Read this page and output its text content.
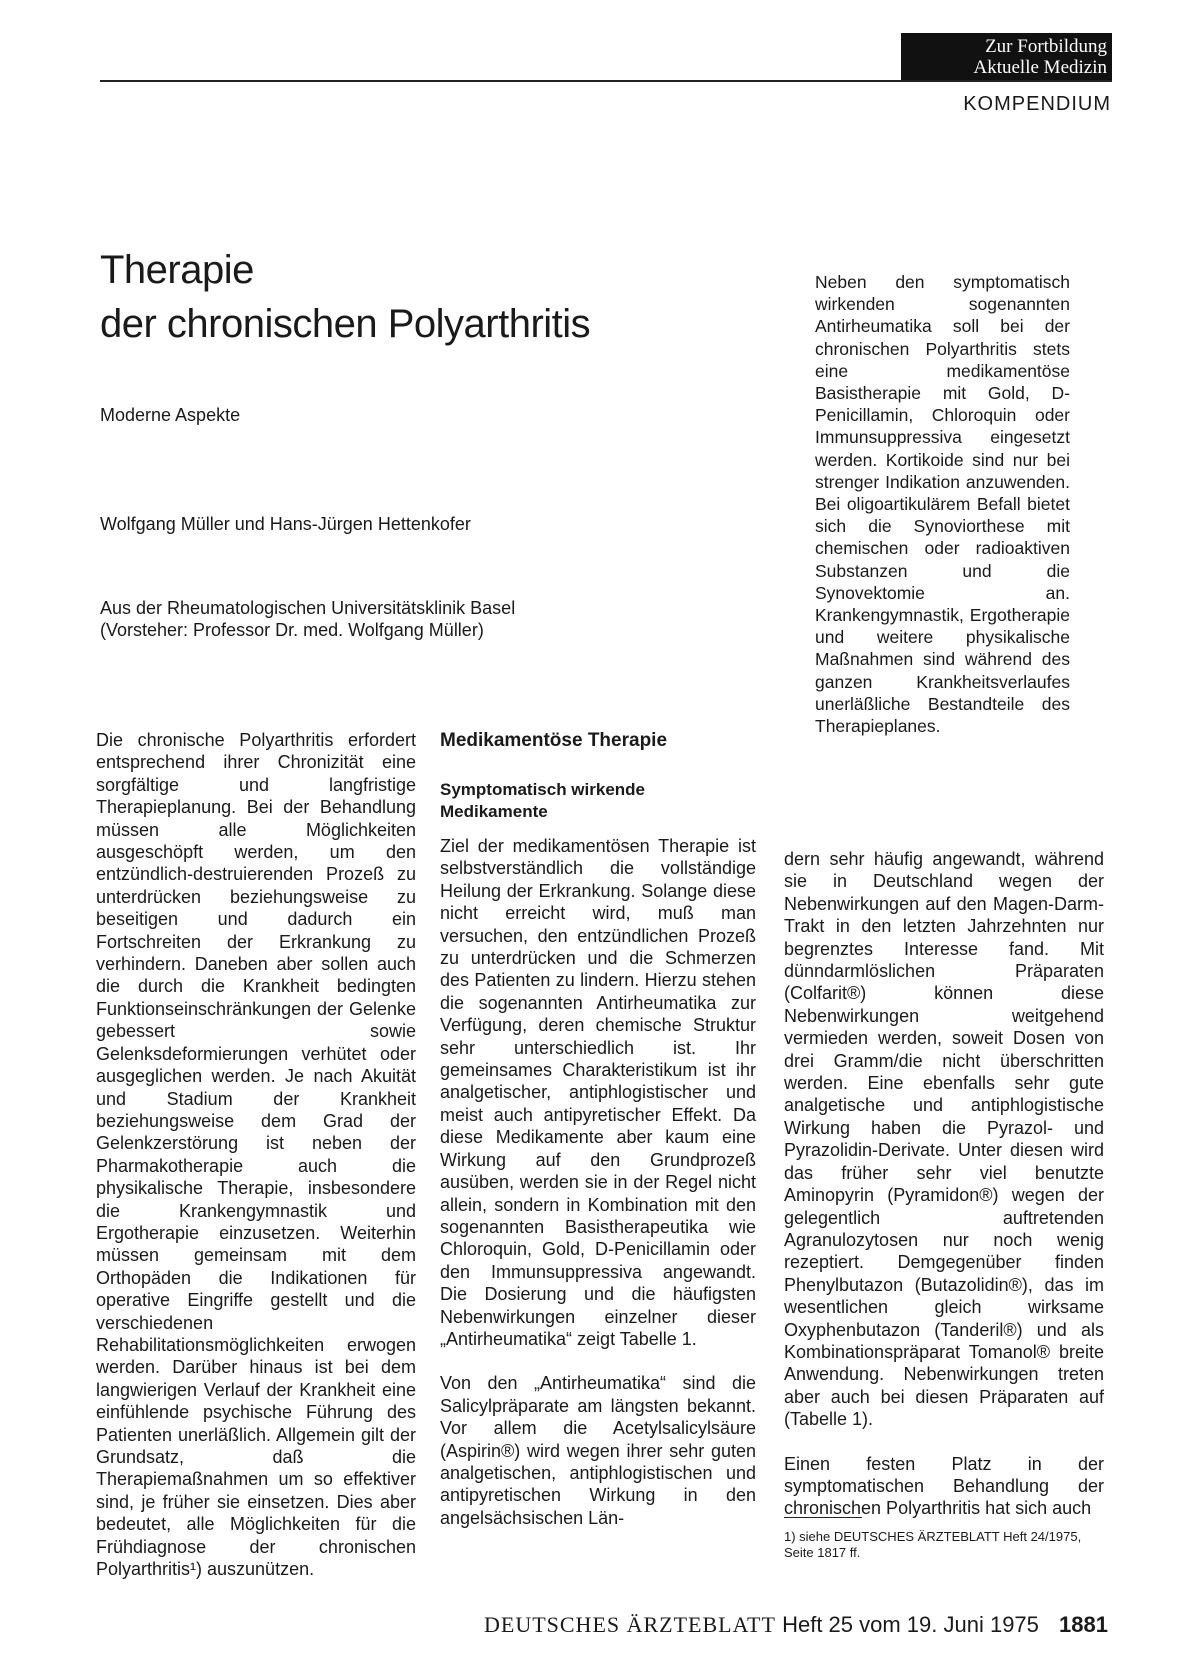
Zur Fortbildung
Aktuelle Medizin
KOMPENDIUM
Therapie
der chronischen Polyarthritis
Moderne Aspekte
Wolfgang Müller und Hans-Jürgen Hettenkofer
Aus der Rheumatologischen Universitätsklinik Basel
(Vorsteher: Professor Dr. med. Wolfgang Müller)

Neben den symptomatisch wirkenden sogenannten Antirheumatika soll bei der chronischen Polyarthritis stets eine medikamentöse Basistherapie mit Gold, D-Penicillamin, Chloroquin oder Immunsuppressiva eingesetzt werden. Kortikoide sind nur bei strenger Indikation anzuwenden. Bei oligoartikulärem Befall bietet sich die Synoviorthese mit chemischen oder radioaktiven Substanzen und die Synovektomie an. Krankengymnastik, Ergotherapie und weitere physikalische Maßnahmen sind während des ganzen Krankheitsverlaufes unerläßliche Bestandteile des Therapieplanes.

Die chronische Polyarthritis erfordert entsprechend ihrer Chronizität eine sorgfältige und langfristige Therapieplanung. Bei der Behandlung müssen alle Möglichkeiten ausgeschöpft werden, um den entzündlich-destruierenden Prozeß zu unterdrücken beziehungsweise zu beseitigen und dadurch ein Fortschreiten der Erkrankung zu verhindern. Daneben aber sollen auch die durch die Krankheit bedingten Funktionseinschränkungen der Gelenke gebessert sowie Gelenksdeformierungen verhütet oder ausgeglichen werden. Je nach Akuität und Stadium der Krankheit beziehungsweise dem Grad der Gelenkzerstörung ist neben der Pharmakotherapie auch die physikalische Therapie, insbesondere die Krankengymnastik und Ergotherapie einzusetzen. Weiterhin müssen gemeinsam mit dem Orthopäden die Indikationen für operative Eingriffe gestellt und die verschiedenen Rehabilitationsmöglichkeiten erwogen werden. Darüber hinaus ist bei dem langwierigen Verlauf der Krankheit eine einfühlende psychische Führung des Patienten unerläßlich. Allgemein gilt der Grundsatz, daß die Therapiemaßnahmen um so effektiver sind, je früher sie einsetzen. Dies aber bedeutet, alle Möglichkeiten für die Frühdiagnose der chronischen Polyarthritis¹) auszunützen.

Medikamentöse Therapie
Symptomatisch wirkende
Medikamente

Ziel der medikamentösen Therapie ist selbstverständlich die vollständige Heilung der Erkrankung. Solange diese nicht erreicht wird, muß man versuchen, den entzündlichen Prozeß zu unterdrücken und die Schmerzen des Patienten zu lindern. Hierzu stehen die sogenannten Antirheumatika zur Verfügung, deren chemische Struktur sehr unterschiedlich ist. Ihr gemeinsames Charakteristikum ist ihr analgetischer, antiphlogistischer und meist auch antipyretischer Effekt. Da diese Medikamente aber kaum eine Wirkung auf den Grundprozeß ausüben, werden sie in der Regel nicht allein, sondern in Kombination mit den sogenannten Basistherapeutika wie Chloroquin, Gold, D-Penicillamin oder den Immunsuppressiva angewandt. Die Dosierung und die häufigsten Nebenwirkungen einzelner dieser „Antirheumatika“ zeigt Tabelle 1.

Von den „Antirheumatika“ sind die Salicylpräparate am längsten bekannt. Vor allem die Acetylsalicylsäure (Aspirin®) wird wegen ihrer sehr guten analgetischen, antiphlogistischen und antipyretischen Wirkung in den angelsächsischen Län-

dern sehr häufig angewandt, während sie in Deutschland wegen der Nebenwirkungen auf den Magen-Darm-Trakt in den letzten Jahrzehnten nur begrenztes Interesse fand. Mit dünndarmlöslichen Präparaten (Colfarit®) können diese Nebenwirkungen weitgehend vermieden werden, soweit Dosen von drei Gramm/die nicht überschritten werden. Eine ebenfalls sehr gute analgetische und antiphlogistische Wirkung haben die Pyrazol- und Pyrazolidin-Derivate. Unter diesen wird das früher sehr viel benutzte Aminopyrin (Pyramidon®) wegen der gelegentlich auftretenden Agranulozytosen nur noch wenig rezeptiert. Demgegenüber finden Phenylbutazon (Butazolidin®), das im wesentlichen gleich wirksame Oxyphenbutazon (Tanderil®) und als Kombinationspräparat Tomanol® breite Anwendung. Nebenwirkungen treten aber auch bei diesen Präparaten auf (Tabelle 1).

Einen festen Platz in der symptomatischen Behandlung der chronischen Polyarthritis hat sich auch

1) siehe DEUTSCHES ÄRZTEBLATT Heft 24/1975, Seite 1817 ff.
DEUTSCHES ÄRZTEBLATT Heft 25 vom 19. Juni 1975 1881
